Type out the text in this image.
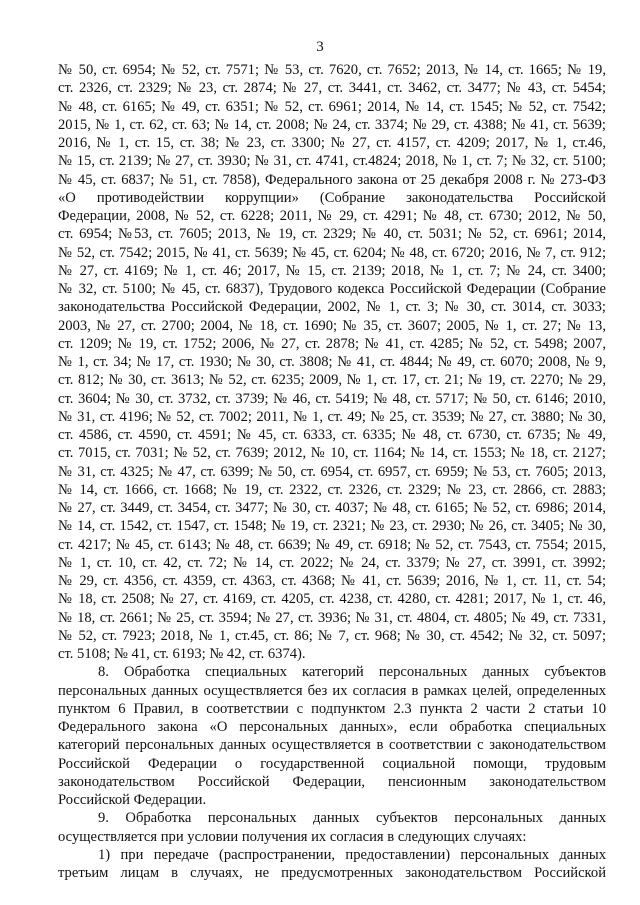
3
№ 50, ст. 6954; № 52, ст. 7571; № 53, ст. 7620, ст. 7652; 2013, № 14, ст. 1665; № 19,
ст. 2326, ст. 2329; № 23, ст. 2874; № 27, ст. 3441, ст. 3462, ст. 3477; № 43, ст. 5454;
№ 48, ст. 6165; № 49, ст. 6351; № 52, ст. 6961; 2014, № 14, ст. 1545; № 52, ст. 7542;
2015, № 1, ст. 62, ст. 63; № 14, ст. 2008; № 24, ст. 3374; № 29, ст. 4388; № 41, ст. 5639;
2016, № 1, ст. 15, ст. 38; № 23, ст. 3300; № 27, ст. 4157, ст. 4209; 2017, № 1, ст.46,
№ 15, ст. 2139; № 27, ст. 3930; № 31, ст. 4741, ст.4824; 2018, № 1, ст. 7; № 32, ст. 5100;
№ 45, ст. 6837; № 51, ст. 7858), Федерального закона от 25 декабря 2008 г. № 273-ФЗ
«О противодействии коррупции» (Собрание законодательства Российской
Федерации, 2008, № 52, ст. 6228; 2011, № 29, ст. 4291; № 48, ст. 6730; 2012, № 50,
ст. 6954; №53, ст. 7605; 2013, № 19, ст. 2329; № 40, ст. 5031; № 52, ст. 6961; 2014,
№ 52, ст. 7542; 2015, № 41, ст. 5639; № 45, ст. 6204; № 48, ст. 6720; 2016, № 7, ст. 912;
№ 27, ст. 4169; № 1, ст. 46; 2017, № 15, ст. 2139; 2018, № 1, ст. 7; № 24, ст. 3400;
№ 32, ст. 5100; № 45, ст. 6837), Трудового кодекса Российской Федерации (Собрание
законодательства Российской Федерации, 2002, № 1, ст. 3; № 30, ст. 3014, ст. 3033;
2003, № 27, ст. 2700; 2004, № 18, ст. 1690; № 35, ст. 3607; 2005, № 1, ст. 27; № 13,
ст. 1209; № 19, ст. 1752; 2006, № 27, ст. 2878; № 41, ст. 4285; № 52, ст. 5498; 2007,
№ 1, ст. 34; № 17, ст. 1930; № 30, ст. 3808; № 41, ст. 4844; № 49, ст. 6070; 2008, № 9,
ст. 812; № 30, ст. 3613; № 52, ст. 6235; 2009, № 1, ст. 17, ст. 21; № 19, ст. 2270; № 29,
ст. 3604; № 30, ст. 3732, ст. 3739; № 46, ст. 5419; № 48, ст. 5717; № 50, ст. 6146; 2010,
№ 31, ст. 4196; № 52, ст. 7002; 2011, № 1, ст. 49; № 25, ст. 3539; № 27, ст. 3880; № 30,
ст. 4586, ст. 4590, ст. 4591; № 45, ст. 6333, ст. 6335; № 48, ст. 6730, ст. 6735; № 49,
ст. 7015, ст. 7031; № 52, ст. 7639; 2012, № 10, ст. 1164; № 14, ст. 1553; № 18, ст. 2127;
№ 31, ст. 4325; № 47, ст. 6399; № 50, ст. 6954, ст. 6957, ст. 6959; № 53, ст. 7605; 2013,
№ 14, ст. 1666, ст. 1668; № 19, ст. 2322, ст. 2326, ст. 2329; № 23, ст. 2866, ст. 2883;
№ 27, ст. 3449, ст. 3454, ст. 3477; № 30, ст. 4037; № 48, ст. 6165; № 52, ст. 6986; 2014,
№ 14, ст. 1542, ст. 1547, ст. 1548; № 19, ст. 2321; № 23, ст. 2930; № 26, ст. 3405; № 30,
ст. 4217; № 45, ст. 6143; № 48, ст. 6639; № 49, ст. 6918; № 52, ст. 7543, ст. 7554; 2015,
№ 1, ст. 10, ст. 42, ст. 72; № 14, ст. 2022; № 24, ст. 3379; № 27, ст. 3991, ст. 3992;
№ 29, ст. 4356, ст. 4359, ст. 4363, ст. 4368; № 41, ст. 5639; 2016, № 1, ст. 11, ст. 54;
№ 18, ст. 2508; № 27, ст. 4169, ст. 4205, ст. 4238, ст. 4280, ст. 4281; 2017, № 1, ст. 46,
№ 18, ст. 2661; № 25, ст. 3594; № 27, ст. 3936; № 31, ст. 4804, ст. 4805; № 49, ст. 7331,
№ 52, ст. 7923; 2018, № 1, ст.45, ст. 86; № 7, ст. 968; № 30, ст. 4542; № 32, ст. 5097;
ст. 5108; № 41, ст. 6193; № 42, ст. 6374).
8. Обработка специальных категорий персональных данных субъектов
персональных данных осуществляется без их согласия в рамках целей, определенных
пунктом 6 Правил, в соответствии с подпунктом 2.3 пункта 2 части 2 статьи 10
Федерального закона «О персональных данных», если обработка специальных
категорий персональных данных осуществляется в соответствии с законодательством
Российской Федерации о государственной социальной помощи, трудовым
законодательством Российской Федерации, пенсионным законодательством
Российской Федерации.
9. Обработка персональных данных субъектов персональных данных
осуществляется при условии получения их согласия в следующих случаях:
1) при передаче (распространении, предоставлении) персональных данных
третьим лицам в случаях, не предусмотренных законодательством Российской
